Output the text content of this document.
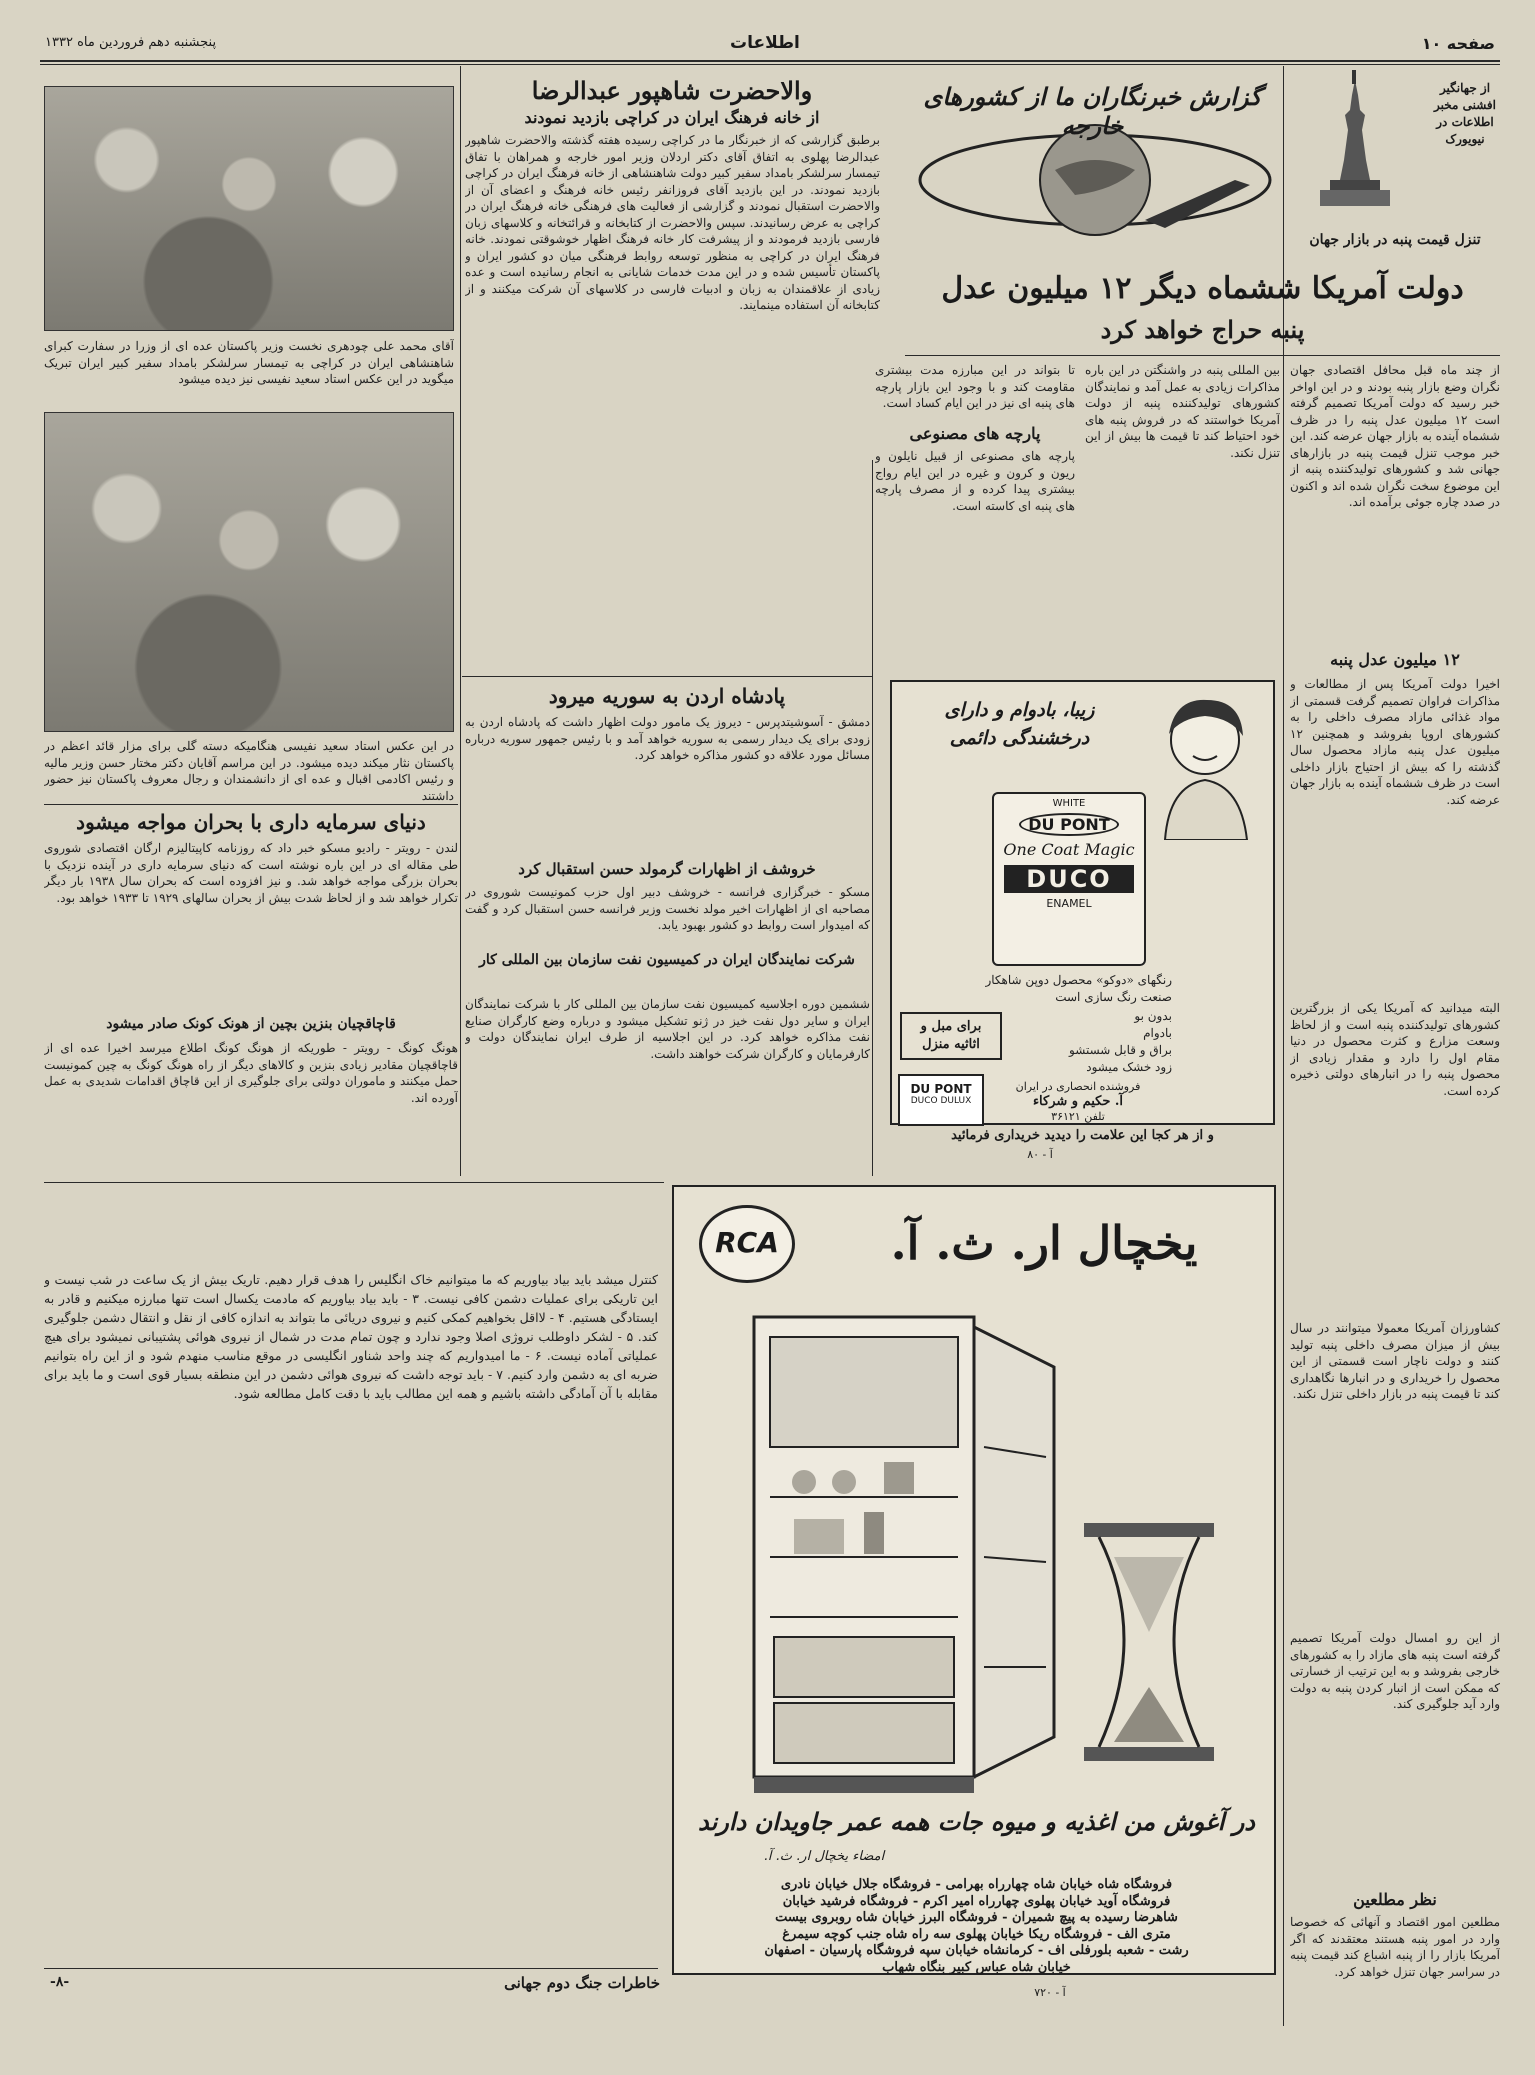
صفحه ۱۰
اطلاعات
پنجشنبه دهم فروردین ماه ۱۳۳۲
از جهانگیر افشنی مخبر اطلاعات در نیویورک
گزارش خبرنگاران ما از کشورهای خارجه
تنزل قیمت پنبه در بازار جهان
دولت آمریکا ششماه دیگر ۱۲ میلیون عدل
پنبه حراج خواهد کرد
از چند ماه قبل محافل اقتصادی جهان نگران وضع بازار پنبه بودند و در این اواخر خبر رسید که دولت آمریکا تصمیم گرفته است ۱۲ میلیون عدل پنبه را در ظرف ششماه آینده به بازار جهان عرضه کند. این خبر موجب تنزل قیمت پنبه در بازارهای جهانی شد و کشورهای تولیدکننده پنبه از این موضوع سخت نگران شده اند و اکنون در صدد چاره جوئی برآمده اند.
بین المللی پنبه در واشنگتن در این باره مذاکرات زیادی به عمل آمد و نمایندگان کشورهای تولیدکننده پنبه از دولت آمریکا خواستند که در فروش پنبه های خود احتیاط کند تا قیمت ها بیش از این تنزل نکند.
تا بتواند در این مبارزه مدت بیشتری مقاومت کند و با وجود این بازار پارچه های پنبه ای نیز در این ایام کساد است.
پارچه های مصنوعی
پارچه های مصنوعی از قبیل نایلون و ریون و کرون و غیره در این ایام رواج بیشتری پیدا کرده و از مصرف پارچه های پنبه ای کاسته است.
۱۲ میلیون عدل پنبه
اخیرا دولت آمریکا پس از مطالعات و مذاکرات فراوان تصمیم گرفت قسمتی از مواد غذائی مازاد مصرف داخلی را به کشورهای اروپا بفروشد و همچنین ۱۲ میلیون عدل پنبه مازاد محصول سال گذشته را که بیش از احتیاج بازار داخلی است در ظرف ششماه آینده به بازار جهان عرضه کند.
البته میدانید که آمریکا یکی از بزرگترین کشورهای تولیدکننده پنبه است و از لحاظ وسعت مزارع و کثرت محصول در دنیا مقام اول را دارد و مقدار زیادی از محصول پنبه را در انبارهای دولتی ذخیره کرده است.
کشاورزان آمریکا معمولا میتوانند در سال بیش از میزان مصرف داخلی پنبه تولید کنند و دولت ناچار است قسمتی از این محصول را خریداری و در انبارها نگاهداری کند تا قیمت پنبه در بازار داخلی تنزل نکند.
از این رو امسال دولت آمریکا تصمیم گرفته است پنبه های مازاد را به کشورهای خارجی بفروشد و به این ترتیب از خسارتی که ممکن است از انبار کردن پنبه به دولت وارد آید جلوگیری کند.
نظر مطلعین
مطلعین امور اقتصاد و آنهائی که خصوصا وارد در امور پنبه هستند معتقدند که اگر آمریکا بازار را از پنبه اشباع کند قیمت پنبه در سراسر جهان تنزل خواهد کرد.
والاحضرت شاهپور عبدالرضا
از خانه فرهنگ ایران در کراچی بازدید نمودند
برطبق گزارشی که از خبرنگار ما در کراچی رسیده هفته گذشته والاحضرت شاهپور عبدالرضا پهلوی به اتفاق آقای دکتر اردلان وزیر امور خارجه و همراهان با تفاق تیمسار سرلشکر بامداد سفیر کبیر دولت شاهنشاهی از خانه فرهنگ ایران در کراچی بازدید نمودند. در این بازدید آقای فروزانفر رئیس خانه فرهنگ و اعضای آن از والاحضرت استقبال نمودند و گزارشی از فعالیت های فرهنگی خانه فرهنگ ایران در کراچی به عرض رسانیدند. سپس والاحضرت از کتابخانه و قرائتخانه و کلاسهای زبان فارسی بازدید فرمودند و از پیشرفت کار خانه فرهنگ اظهار خوشوقتی نمودند. خانه فرهنگ ایران در کراچی به منظور توسعه روابط فرهنگی میان دو کشور ایران و پاکستان تأسیس شده و در این مدت خدمات شایانی به انجام رسانیده است و عده زیادی از علاقمندان به زبان و ادبیات فارسی در کلاسهای آن شرکت میکنند و از کتابخانه آن استفاده مینمایند.
آقای محمد علی چودهری نخست وزیر پاکستان عده ای از وزرا در سفارت کبرای شاهنشاهی ایران در کراچی به تیمسار سرلشکر بامداد سفیر کبیر ایران تبریک میگوید در این عکس استاد سعید نفیسی نیز دیده میشود
در این عکس استاد سعید نفیسی هنگامیکه دسته گلی برای مزار قائد اعظم در پاکستان نثار میکند دیده میشود. در این مراسم آقایان دکتر مختار حسن وزیر مالیه و رئیس اکادمی اقبال و عده ای از دانشمندان و رجال معروف پاکستان نیز حضور داشتند
دنیای سرمایه داری با بحران مواجه میشود
لندن - رویتر - رادیو مسکو خبر داد که روزنامه کاپیتالیزم ارگان اقتصادی شوروی طی مقاله ای در این باره نوشته است که دنیای سرمایه داری در آینده نزدیک با بحران بزرگی مواجه خواهد شد. و نیز افزوده است که بحران سال ۱۹۳۸ بار دیگر تکرار خواهد شد و از لحاظ شدت بیش از بحران سالهای ۱۹۲۹ تا ۱۹۳۳ خواهد بود.
قاچاقچیان بنزین بچین از هونک کونک صادر میشود
هونگ کونگ - رویتر - طوریکه از هونگ کونگ اطلاع میرسد اخیرا عده ای از قاچاقچیان مقادیر زیادی بنزین و کالاهای دیگر از راه هونگ کونگ به چین کمونیست حمل میکنند و ماموران دولتی برای جلوگیری از این قاچاق اقدامات شدیدی به عمل آورده اند.
پادشاه اردن به سوریه میرود
دمشق - آسوشیتدپرس - دیروز یک مامور دولت اظهار داشت که پادشاه اردن به زودی برای یک دیدار رسمی به سوریه خواهد آمد و با رئیس جمهور سوریه درباره مسائل مورد علاقه دو کشور مذاکره خواهد کرد.
خروشف از اظهارات گرمولد حسن استقبال کرد
مسکو - خبرگزاری فرانسه - خروشف دبیر اول حزب کمونیست شوروی در مصاحبه ای از اظهارات اخیر مولد نخست وزیر فرانسه حسن استقبال کرد و گفت که امیدوار است روابط دو کشور بهبود یابد.
شرکت نمایندگان ایران در کمیسیون نفت سازمان بین المللی کار
ششمین دوره اجلاسیه کمیسیون نفت سازمان بین المللی کار با شرکت نمایندگان ایران و سایر دول نفت خیز در ژنو تشکیل میشود و درباره وضع کارگران صنایع نفت مذاکره خواهد کرد. در این اجلاسیه از طرف ایران نمایندگان دولت و کارفرمایان و کارگران شرکت خواهند داشت.
زیبا، بادوام و دارای درخشندگی دائمی
WHITE
DU PONT
One Coat Magic
DUCO
ENAMEL
رنگهای «دوکو» محصول دوپن شاهکار صنعت رنگ سازی است
بدون بو
بادوام
براق و قابل شستشو
زود خشک میشود
برای مبل و اثاثیه منزل
فروشنده انحصاری در ایران
آ. حکیم و شرکاء
تلفن ۳۶۱۲۱
DU PONT
DUCO DULUX
و از هر کجا این علامت را دیدید خریداری فرمائید
آ - ۸۰
RCA	یخچال ار. ث. آ.
در آغوش من اغذیه و میوه جات همه عمر جاویدان دارند
امضاء یخچال ار. ث. آ.
فروشگاه شاه خیابان شاه چهارراه بهرامی - فروشگاه جلال خیابان نادری
فروشگاه آوید خیابان پهلوی چهارراه امیر اکرم - فروشگاه فرشید خیابان
شاهرضا رسیده به پیچ شمیران - فروشگاه البرز خیابان شاه روبروی بیست
متری الف - فروشگاه ریکا خیابان پهلوی سه راه شاه جنب کوچه سیمرغ
رشت - شعبه بلورفلی اف - کرمانشاه خیابان سپه فروشگاه پارسیان - اصفهان
خیابان شاه عباس کبیر بنگاه شهاب
آ - ۷۲۰
کنترل میشد باید بیاد بیاوریم که ما میتوانیم خاک انگلیس را هدف قرار دهیم. تاریک بیش از یک ساعت در شب نیست و این تاریکی برای عملیات دشمن کافی نیست. ۳ - باید بیاد بیاوریم که مادمت یکسال است تنها مبارزه میکنیم و قادر به ایستادگی هستیم. ۴ - لااقل بخواهیم کمکی کنیم و نیروی دریائی ما بتواند به اندازه کافی از نقل و انتقال دشمن جلوگیری کند. ۵ - لشکر داوطلب نروژی اصلا وجود ندارد و چون تمام مدت در شمال از نیروی هوائی پشتیبانی نمیشود برای هیچ عملیاتی آماده نیست. ۶ - ما امیدواریم که چند واحد شناور انگلیسی در موقع مناسب منهدم شود و از این راه بتوانیم ضربه ای به دشمن وارد کنیم. ۷ - باید توجه داشت که نیروی هوائی دشمن در این منطقه بسیار قوی است و ما باید برای مقابله با آن آمادگی داشته باشیم و همه این مطالب باید با دقت کامل مطالعه شود.
خاطرات جنگ دوم جهانی
-۸-
